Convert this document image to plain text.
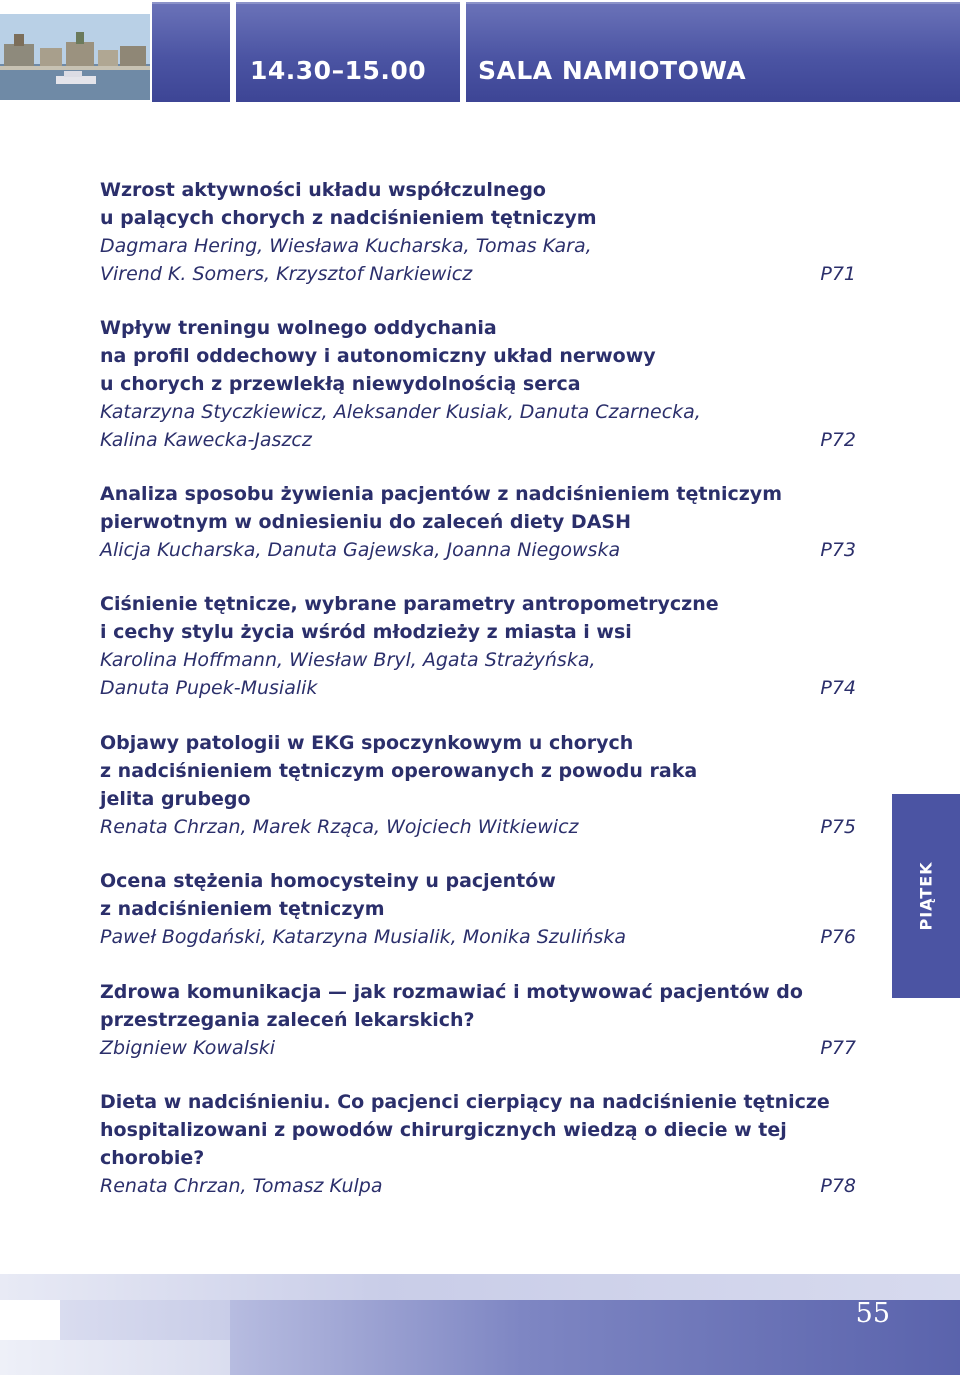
14.30–15.00 SALA NAMIOTOWA
Wzrost aktywności układu współczulnego
u palących chorych z nadciśnieniem tętniczym
Dagmara Hering, Wiesława Kucharska, Tomas Kara,
Virend K. Somers, Krzysztof Narkiewicz	P71
Wpływ treningu wolnego oddychania
na profil oddechowy i autonomiczny układ nerwowy
u chorych z przewlekłą niewydolnością serca
Katarzyna Styczkiewicz, Aleksander Kusiak, Danuta Czarnecka,
Kalina Kawecka-Jaszcz	P72
Analiza sposobu żywienia pacjentów z nadciśnieniem tętniczym
pierwotnym w odniesieniu do zaleceń diety DASH
Alicja Kucharska, Danuta Gajewska, Joanna Niegowska	P73
Ciśnienie tętnicze, wybrane parametry antropometryczne
i cechy stylu życia wśród młodzieży z miasta i wsi
Karolina Hoffmann, Wiesław Bryl, Agata Strażyńska,
Danuta Pupek-Musialik	P74
Objawy patologii w EKG spoczynkowym u chorych
z nadciśnieniem tętniczym operowanych z powodu raka
jelita grubego
Renata Chrzan, Marek Rząca, Wojciech Witkiewicz	P75
Ocena stężenia homocysteiny u pacjentów
z nadciśnieniem tętniczym
Paweł Bogdański, Katarzyna Musialik, Monika Szulińska	P76
Zdrowa komunikacja — jak rozmawiać i motywować pacjentów do
przestrzegania zaleceń lekarskich?
Zbigniew Kowalski	P77
Dieta w nadciśnieniu. Co pacjenci cierpiący na nadciśnienie tętnicze
hospitalizowani z powodów chirurgicznych wiedzą o diecie w tej
chorobie?
Renata Chrzan, Tomasz Kulpa	P78
PIĄTEK
55
